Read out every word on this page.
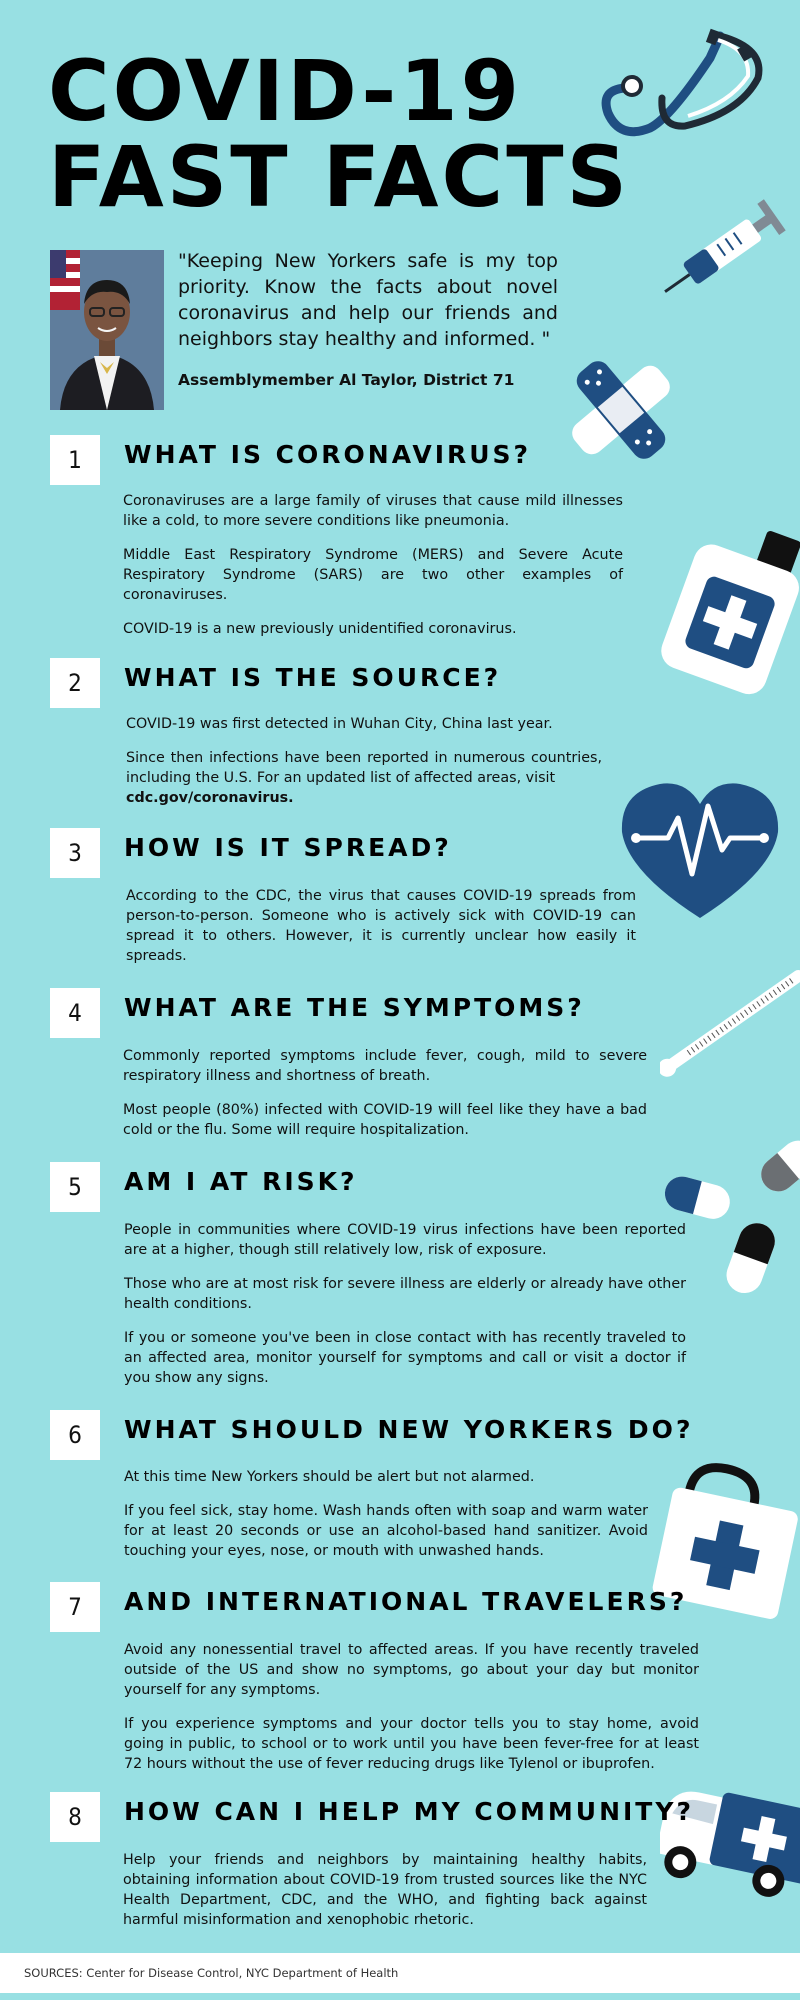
COVID-19
FAST FACTS

"Keeping New Yorkers safe is my top priority. Know the facts about novel coronavirus and help our friends and neighbors stay healthy and informed. "

Assemblymember Al Taylor, District 71

1	WHAT IS CORONAVIRUS?

Coronaviruses are a large family of viruses that cause mild illnesses like a cold, to more severe conditions like pneumonia.

Middle East Respiratory Syndrome (MERS) and Severe Acute Respiratory Syndrome (SARS) are two other examples of coronaviruses.

COVID-19 is a new previously unidentified coronavirus.

2	WHAT IS THE SOURCE?

COVID-19 was first detected in Wuhan City, China last year.

Since then infections have been reported in numerous countries, including the U.S. For an updated list of affected areas, visit
cdc.gov/coronavirus.

3	HOW IS IT SPREAD?

According to the CDC, the virus that causes COVID-19 spreads from person-to-person. Someone who is actively sick with COVID-19 can spread it to others. However, it is currently unclear how easily it spreads.

4	WHAT ARE THE SYMPTOMS?

Commonly reported symptoms include fever, cough, mild to severe respiratory illness and shortness of breath.

Most people (80%) infected with COVID-19 will feel like they have a bad cold or the flu. Some will require hospitalization.

5	AM I AT RISK?

People in communities where COVID-19 virus infections have been reported are at a higher, though still relatively low, risk of exposure.

Those who are at most risk for severe illness are elderly or already have other health conditions.

If you or someone you've been in close contact with has recently traveled to an affected area, monitor yourself for symptoms and call or visit a doctor if you show any signs.

6	WHAT SHOULD NEW YORKERS DO?

At this time New Yorkers should be alert but not alarmed.

If you feel sick, stay home. Wash hands often with soap and warm water for at least 20 seconds or use an alcohol-based hand sanitizer. Avoid touching your eyes, nose, or mouth with unwashed hands.

7	AND INTERNATIONAL TRAVELERS?

Avoid any nonessential travel to affected areas. If you have recently traveled outside of the US and show no symptoms, go about your day but monitor yourself for any symptoms.

If you experience symptoms and your doctor tells you to stay home, avoid going in public, to school or to work until you have been fever-free for at least 72 hours without the use of fever reducing drugs like Tylenol or ibuprofen.

8	HOW CAN I HELP MY COMMUNITY?

Help your friends and neighbors by maintaining healthy habits, obtaining information about COVID-19 from trusted sources like the NYC Health Department, CDC, and the WHO, and fighting back against harmful misinformation and xenophobic rhetoric.

SOURCES: Center for Disease Control, NYC Department of Health
